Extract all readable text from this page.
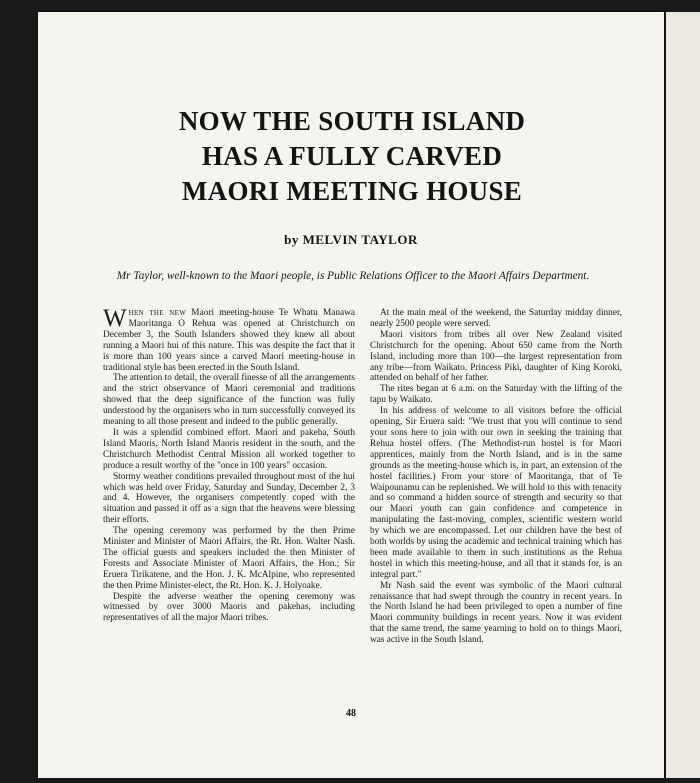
NOW THE SOUTH ISLAND
HAS A FULLY CARVED
MAORI MEETING HOUSE
by MELVIN TAYLOR
Mr Taylor, well-known to the Maori people, is Public Relations Officer to the Maori Affairs Department.

When the new Maori meeting-house Te Whatu Manawa Maoritanga O Rehua was opened at Christchurch on December 3, the South Islanders showed they knew all about running a Maori hui of this nature. This was despite the fact that it is more than 100 years since a carved Maori meeting-house in traditional style has been erected in the South Island.

The attention to detail, the overall finesse of all the arrangements and the strict observance of Maori ceremonial and traditions showed that the deep significance of the function was fully understood by the organisers who in turn successfully conveyed its meaning to all those present and indeed to the public generally.

It was a splendid combined effort. Maori and pakeha, South Island Maoris, North Island Maoris resident in the south, and the Christchurch Methodist Central Mission all worked together to produce a result worthy of the "once in 100 years" occasion.

Stormy weather conditions prevailed throughout most of the hui which was held over Friday, Saturday and Sunday, December 2, 3 and 4. However, the organisers competently coped with the situation and passed it off as a sign that the heavens were blessing their efforts.

The opening ceremony was performed by the then Prime Minister and Minister of Maori Affairs, the Rt. Hon. Walter Nash. The official guests and speakers included the then Minister of Forests and Associate Minister of Maori Affairs, the Hon.; Sir Eruera Tirikatene, and the Hon. J. K. McAlpine, who represented the then Prime Minister-elect, the Rt. Hon. K. J. Holyoake.

Despite the adverse weather the opening ceremony was witnessed by over 3000 Maoris and pakehas, including representatives of all the major Maori tribes.

At the main meal of the weekend, the Saturday midday dinner, nearly 2500 people were served.

Maori visitors from tribes all over New Zealand visited Christchurch for the opening. About 650 came from the North Island, including more than 100—the largest representation from any tribe—from Waikato. Princess Piki, daughter of King Koroki, attended on behalf of her father.

The rites began at 6 a.m. on the Saturday with the lifting of the tapu by Waikato.

In his address of welcome to all visitors before the official opening, Sir Eruera said: "We trust that you will continue to send your sons here to join with our own in seeking the training that Rehua hostel offers. (The Methodist-run hostel is for Maori apprentices, mainly from the North Island, and is in the same grounds as the meeting-house which is, in part, an extension of the hostel facilities.) From your store of Maoritanga, that of Te Waipounamu can be replenished. We will hold to this with tenacity and so command a hidden source of strength and security so that our Maori youth can gain confidence and competence in manipulating the fast-moving, complex, scientific western world by which we are encompassed. Let our children have the best of both worlds by using the academic and technical training which has been made available to them in such institutions as the Rehua hostel in which this meeting-house, and all that it stands for, is an integral part."

Mr Nash said the event was symbolic of the Maori cultural renaissance that had swept through the country in recent years. In the North Island he had been privileged to open a number of fine Maori community buildings in recent years. Now it was evident that the same trend, the same yearning to hold on to things Maori, was active in the South Island.

48
